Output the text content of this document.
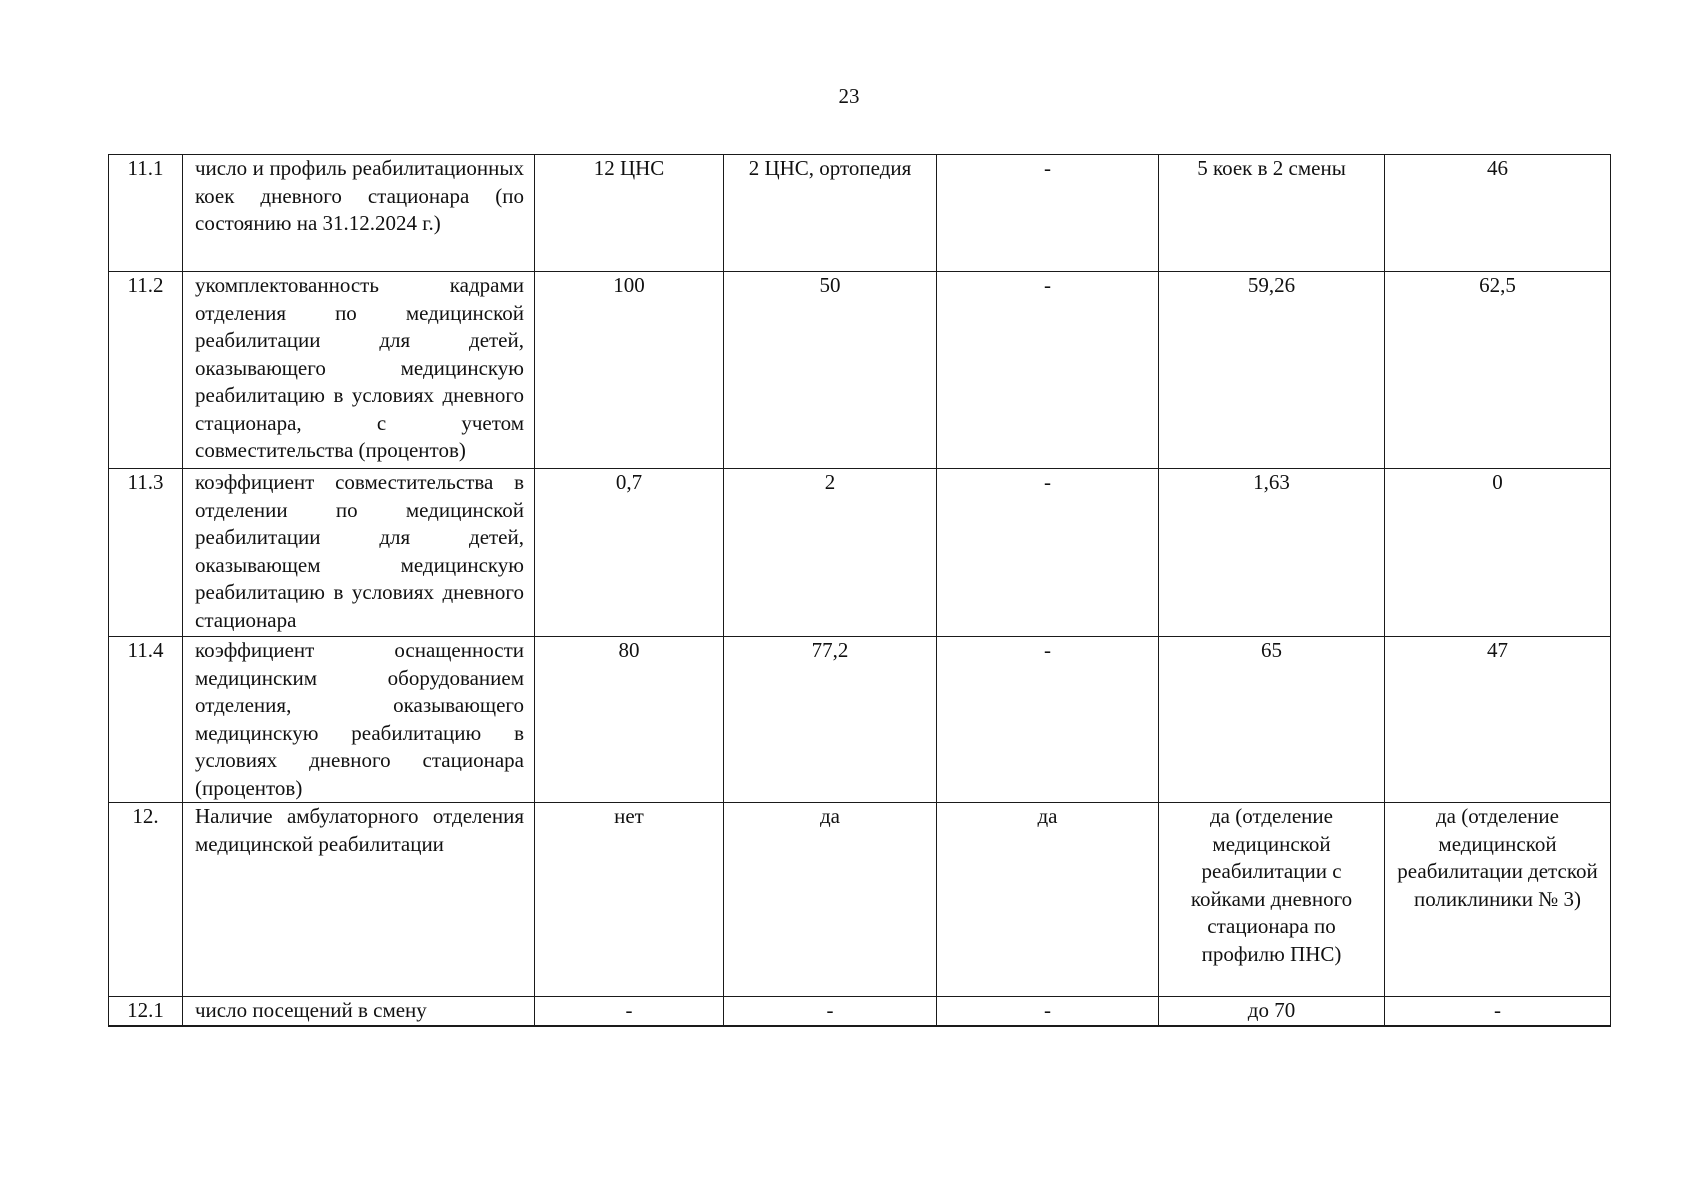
23
11.1	число и профиль реабилитационных коек дневного стационара (по состоянию на 31.12.2024 г.)	12 ЦНС	2 ЦНС, ортопедия	-	5 коек в 2 смены	46
11.2	укомплектованность кадрами отделения по медицинской реабилитации для детей, оказывающего медицинскую реабилитацию в условиях дневного стационара, с учетом совместительства (процентов)	100	50	-	59,26	62,5
11.3	коэффициент совместительства в отделении по медицинской реабилитации для детей, оказывающем медицинскую реабилитацию в условиях дневного стационара	0,7	2	-	1,63	0
11.4	коэффициент оснащенности медицинским оборудованием отделения, оказывающего медицинскую реабилитацию в условиях дневного стационара (процентов)	80	77,2	-	65	47
12.	Наличие амбулаторного отделения медицинской реабилитации	нет	да	да	да (отделение медицинской реабилитации с койками дневного стационара по профилю ПНС)	да (отделение медицинской реабилитации детской поликлиники № 3)
12.1	число посещений в смену	-	-	-	до 70	-
